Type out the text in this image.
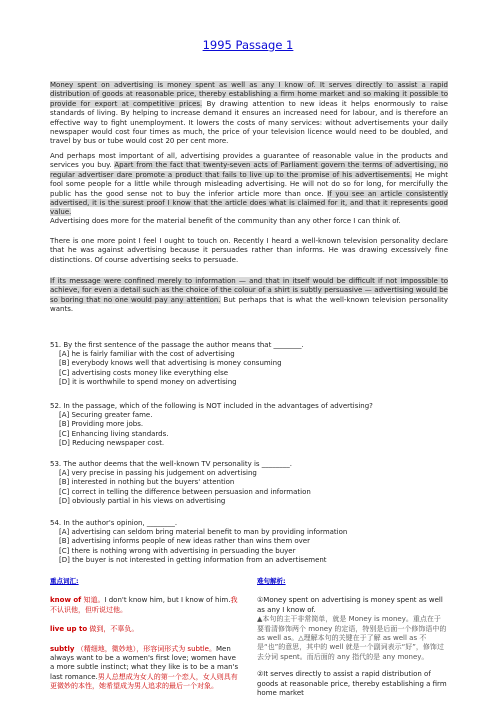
1995 Passage 1

Money spent on advertising is money spent as well as any I know of. It serves directly to assist a rapid distribution of goods at reasonable price, thereby establishing a firm home market and so making it possible to provide for export at competitive prices. By drawing attention to new ideas it helps enormously to raise standards of living. By helping to increase demand it ensures an increased need for labour, and is therefore an effective way to fight unemployment. It lowers the costs of many services: without advertisements your daily newspaper would cost four times as much, the price of your television licence would need to be doubled, and travel by bus or tube would cost 20 per cent more.

And perhaps most important of all, advertising provides a guarantee of reasonable value in the products and services you buy. Apart from the fact that twenty-seven acts of Parliament govern the terms of advertising, no regular advertiser dare promote a product that fails to live up to the promise of his advertisements. He might fool some people for a little while through misleading advertising. He will not do so for long, for mercifully the public has the good sense not to buy the inferior article more than once. If you see an article consistently advertised, it is the surest proof I know that the article does what is claimed for it, and that it represents good value.

Advertising does more for the material benefit of the community than any other force I can think of.

There is one more point I feel I ought to touch on. Recently I heard a well-known television personality declare that he was against advertising because it persuades rather than informs. He was drawing excessively fine distinctions. Of course advertising seeks to persuade.

If its message were confined merely to information — and that in itself would be difficult if not impossible to achieve, for even a detail such as the choice of the colour of a shirt is subtly persuasive — advertising would be so boring that no one would pay any attention. But perhaps that is what the well-known television personality wants.

51. By the first sentence of the passage the author means that ________.
[A] he is fairly familiar with the cost of advertising
[B] everybody knows well that advertising is money consuming
[C] advertising costs money like everything else
[D] it is worthwhile to spend money on advertising
52. In the passage, which of the following is NOT included in the advantages of advertising?
[A] Securing greater fame.
[B] Providing more jobs.
[C] Enhancing living standards.
[D] Reducing newspaper cost.
53. The author deems that the well-known TV personality is ________.
[A] very precise in passing his judgement on advertising
[B] interested in nothing but the buyers' attention
[C] correct in telling the difference between persuasion and information
[D] obviously partial in his views on advertising
54. In the author's opinion, ________.
[A] advertising can seldom bring material benefit to man by providing information
[B] advertising informs people of new ideas rather than wins them over
[C] there is nothing wrong with advertising in persuading the buyer
[D] the buyer is not interested in getting information from an advertisement
重点词汇:
know of 知道。I don't know him, but I know of him.我不认识他，但听说过他。
live up to 做到，不辜负。
subtly （精细地，微妙地），形容词形式为 subtle。Men always want to be a women's first love; women have a more subtle instinct; what they like is to be a man's last romance.男人总想成为女人的第一个恋人，女人则具有更微妙的本性，她希望成为男人追求的最后一个对象。
难句解析:
①Money spent on advertising is money spent as well as any I know of.
▲本句的主干非常简单，就是 Money is money。重点在于要看清修饰两个 money 的定语，特别是后面一个修饰语中的 as well as。△理解本句的关键在于了解 as well as 不是“也”的意思，其中的 well 就是一个副词表示“好”，修饰过去分词 spent。而后面的 any 指代的是 any money。
②It serves directly to assist a rapid distribution of goods at reasonable price, thereby establishing a firm home market
